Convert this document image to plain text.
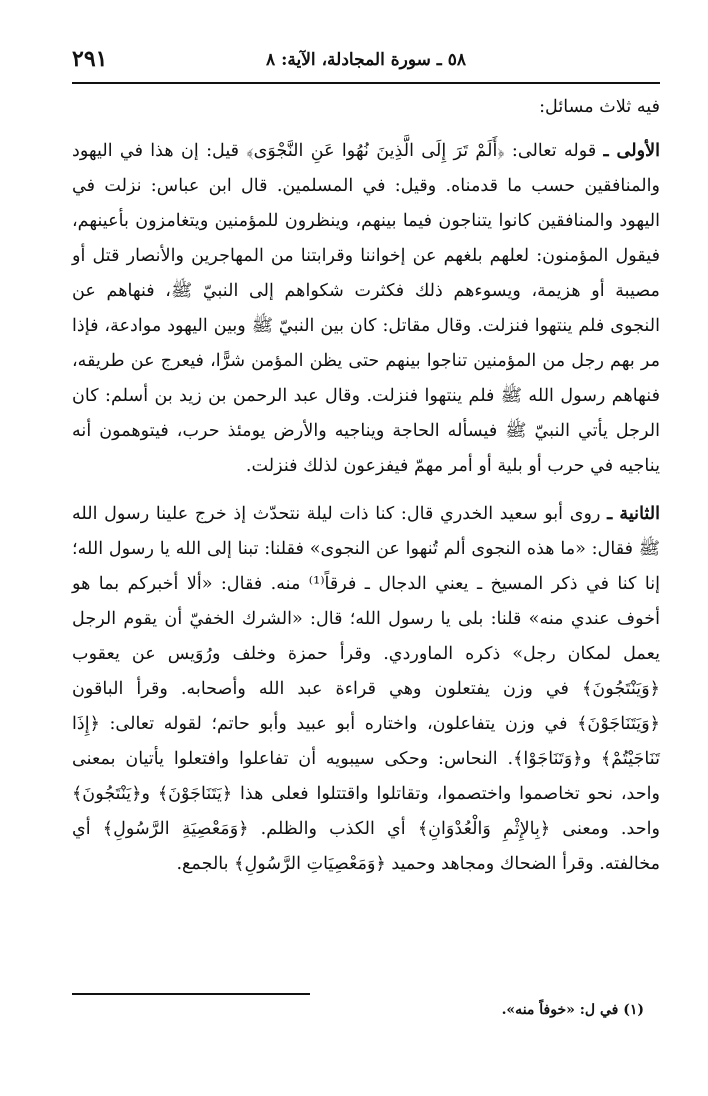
٥٨ ـ سورة المجادلة، الآية: ٨
٢٩١

فيه ثلاث مسائل:

الأولى ـ قوله تعالى: ﴿أَلَمْ تَرَ إِلَى الَّذِينَ نُهُوا عَنِ النَّجْوَى﴾ قيل: إن هذا في اليهود والمنافقين حسب ما قدمناه. وقيل: في المسلمين. قال ابن عباس: نزلت في اليهود والمنافقين كانوا يتناجون فيما بينهم، وينظرون للمؤمنين ويتغامزون بأعينهم، فيقول المؤمنون: لعلهم بلغهم عن إخواننا وقرابتنا من المهاجرين والأنصار قتل أو مصيبة أو هزيمة، ويسوءهم ذلك فكثرت شكواهم إلى النبيّ ﷺ، فنهاهم عن النجوى فلم ينتهوا فنزلت. وقال مقاتل: كان بين النبيّ ﷺ وبين اليهود موادعة، فإذا مر بهم رجل من المؤمنين تناجوا بينهم حتى يظن المؤمن شرًّا، فيعرج عن طريقه، فنهاهم رسول الله ﷺ فلم ينتهوا فنزلت. وقال عبد الرحمن بن زيد بن أسلم: كان الرجل يأتي النبيّ ﷺ فيسأله الحاجة ويناجيه والأرض يومئذ حرب، فيتوهمون أنه يناجيه في حرب أو بلية أو أمر مهمّ فيفزعون لذلك فنزلت.

الثانية ـ روى أبو سعيد الخدري قال: كنا ذات ليلة نتحدّث إذ خرج علينا رسول الله ﷺ فقال: «ما هذه النجوى ألم تُنهوا عن النجوى» فقلنا: تبنا إلى الله يا رسول الله؛ إنا كنا في ذكر المسيخ ـ يعني الدجال ـ فرقاً⁽¹⁾ منه. فقال: «ألا أخبركم بما هو أخوف عندي منه» قلنا: بلى يا رسول الله؛ قال: «الشرك الخفيّ أن يقوم الرجل يعمل لمكان رجل» ذكره الماوردي. وقرأ حمزة وخلف ورُوَيس عن يعقوب ﴿وَيَنْتَجُونَ﴾ في وزن يفتعلون وهي قراءة عبد الله وأصحابه. وقرأ الباقون ﴿وَيَتَنَاجَوْنَ﴾ في وزن يتفاعلون، واختاره أبو عبيد وأبو حاتم؛ لقوله تعالى: ﴿إِذَا تَنَاجَيْتُمْ﴾ و﴿وَتَنَاجَوْا﴾. النحاس: وحكى سيبويه أن تفاعلوا وافتعلوا يأتيان بمعنى واحد، نحو تخاصموا واختصموا، وتقاتلوا واقتتلوا فعلى هذا ﴿يَتَنَاجَوْنَ﴾ و﴿يَنْتَجُونَ﴾ واحد. ومعنى ﴿بِالإِثْمِ وَالْعُدْوَانِ﴾ أي الكذب والظلم. ﴿وَمَعْصِيَةِ الرَّسُولِ﴾ أي مخالفته. وقرأ الضحاك ومجاهد وحميد ﴿وَمَعْصِيَاتِ الرَّسُولِ﴾ بالجمع.

(١) في ل: «خوفاً منه».
